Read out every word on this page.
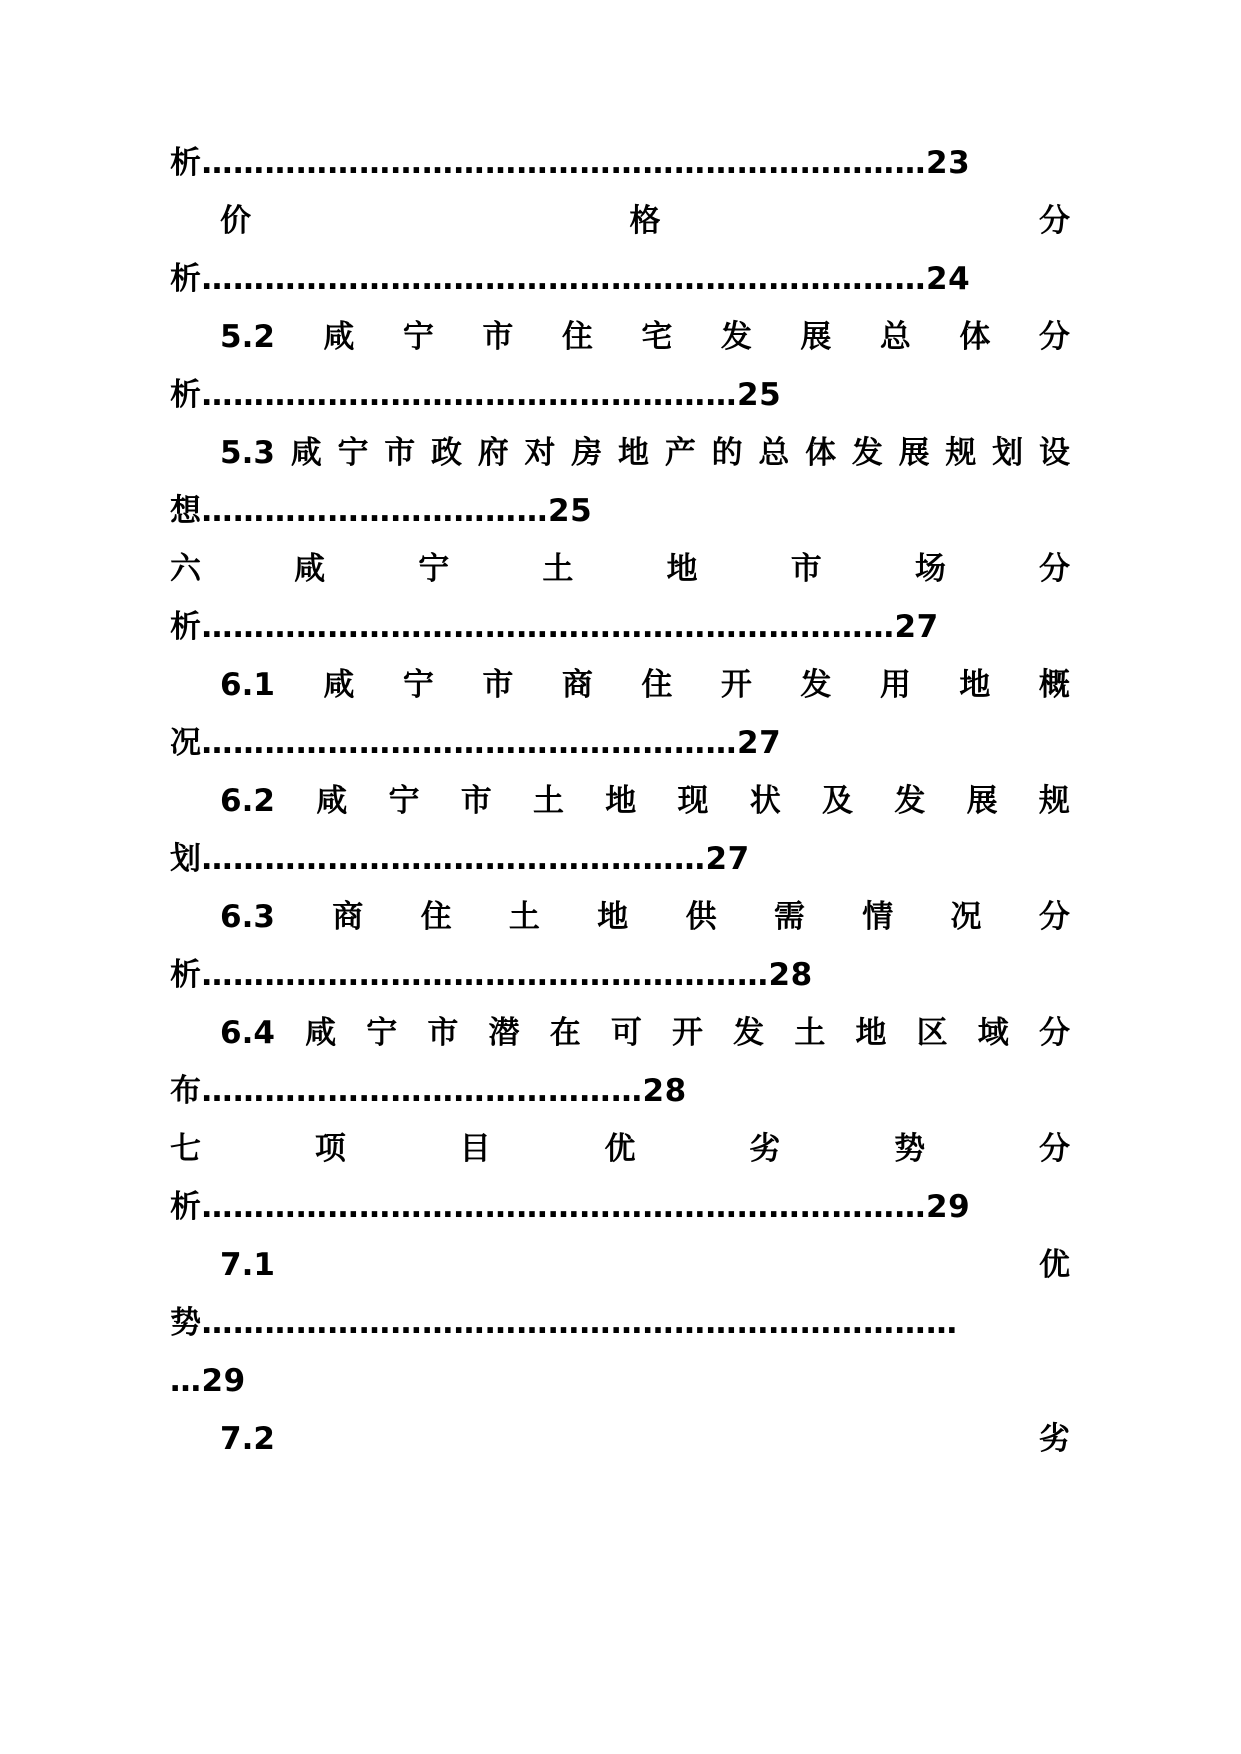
析……………………………………………………………23
价	格	分
析……………………………………………………………24
5.2 咸 宁 市 住 宅 发 展 总 体 分
析……………………………………………25
5.3 咸 宁 市 政 府 对 房 地 产 的 总 体 发 展 规 划 设
想……………………………25
六	咸	宁	土	地	市	场	分
析…………………………………………………………27
6.1 咸 宁 市 商 住 开 发 用 地 概
况……………………………………………27
6.2 咸 宁 市 土 地 现 状 及 发 展 规
划…………………………………………27
6.3 商 住 土 地 供 需 情 况 分
析………………………………………………28
6.4 咸 宁 市 潜 在 可 开 发 土 地 区 域 分
布……………………………………28
七	项	目	优	劣	势	分
析……………………………………………………………29
7.1	优
势………………………………………………………………
…29
7.2	劣
